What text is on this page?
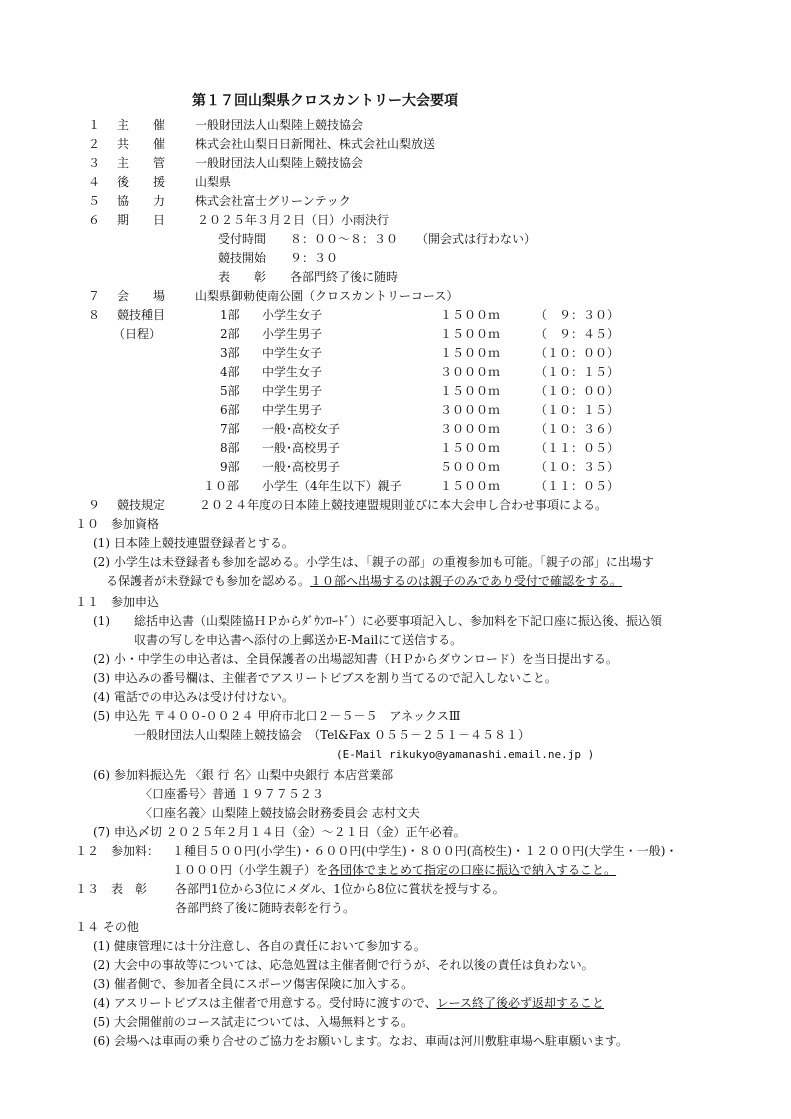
第１７回山梨県クロスカントリー大会要項
１ 主　　催 一般財団法人山梨陸上競技協会
２ 共　　催 株式会社山梨日日新聞社、株式会社山梨放送
３ 主　　管 一般財団法人山梨陸上競技協会
４ 後　　援 山梨県
５ 協　　力 株式会社富士グリーンテック
６ 期　　日	２０２５年３月２日（日）小雨決行
受付時間　　８：００～８：３０　　（開会式は行わない）
競技開始　　９：３０
表　　彰　　各部門終了後に随時
７ 会　　場 山梨県御勅使南公園（クロスカントリーコース）
８ 競技種目
（日程）
1部 小学生女子	１５００ｍ	（　９：３０）
2部 小学生男子	１５００ｍ	（　９：４５）
3部 中学生女子	１５００ｍ	（１０：００）
4部 中学生女子	３０００ｍ	（１０：１５）
5部 中学生男子	１５００ｍ	（１０：００）
6部 中学生男子	３０００ｍ	（１０：１５）
7部 一般･高校女子	３０００ｍ	（１０：３６）
8部 一般･高校男子	１５００ｍ	（１１：０５）
9部 一般･高校男子	５０００ｍ	（１０：３５）
１０部 小学生（4年生以下）親子	１５００ｍ	（１１：０５）
９ 競技規定	２０２４年度の日本陸上競技連盟規則並びに本大会申し合わせ事項による。
１０　参加資格
(1) 日本陸上競技連盟登録者とする。
(2) 小学生は未登録者も参加を認める。小学生は、「親子の部」の重複参加も可能。「親子の部」に出場す
る保護者が未登録でも参加を認める。１０部へ出場するのは親子のみであり受付で確認をする。
１１　参加申込
(1)　　総括申込書（山梨陸協ＨＰからﾀﾞｳﾝﾛｰﾄﾞ）に必要事項記入し、参加料を下記口座に振込後、振込領
収書の写しを申込書へ添付の上郵送かE-Mailにて送信する。
(2) 小・中学生の申込者は、全員保護者の出場認知書（ＨＰからダウンロード）を当日提出する。
(3) 申込みの番号欄は、主催者でアスリートビブスを割り当てるので記入しないこと。
(4) 電話での申込みは受け付けない。
(5) 申込先 〒４００-００２４ 甲府市北口２－５－５　アネックスⅢ
一般財団法人山梨陸上競技協会　（Tel&Fax ０５５－２５１－４５８１）
(E-Mail rikukyo@yamanashi.email.ne.jp )
(6) 参加料振込先 〈銀 行 名〉山梨中央銀行 本店営業部
〈口座番号〉普通 １９７７５２３
〈口座名義〉山梨陸上競技協会財務委員会 志村文夫
(7) 申込〆切 ２０２５年２月１４日（金）～２１日（金）正午必着。
１２　参加料： １種目５００円(小学生)・６００円(中学生)・８００円(高校生)・１２００円(大学生・一般)・
１０００円（小学生親子）を各団体でまとめて指定の口座に振込で納入すること。
１３　表　彰 各部門1位から3位にメダル、1位から8位に賞状を授与する。
各部門終了後に随時表彰を行う。
１４ その他
(1) 健康管理には十分注意し、各自の責任において参加する。
(2) 大会中の事故等については、応急処置は主催者側で行うが、それ以後の責任は負わない。
(3) 催者側で、参加者全員にスポーツ傷害保険に加入する。
(4) アスリートビブスは主催者で用意する。受付時に渡すので、レース終了後必ず返却すること
(5) 大会開催前のコース試走については、入場無料とする。
(6) 会場へは車両の乗り合せのご協力をお願いします。なお、車両は河川敷駐車場へ駐車願います。
